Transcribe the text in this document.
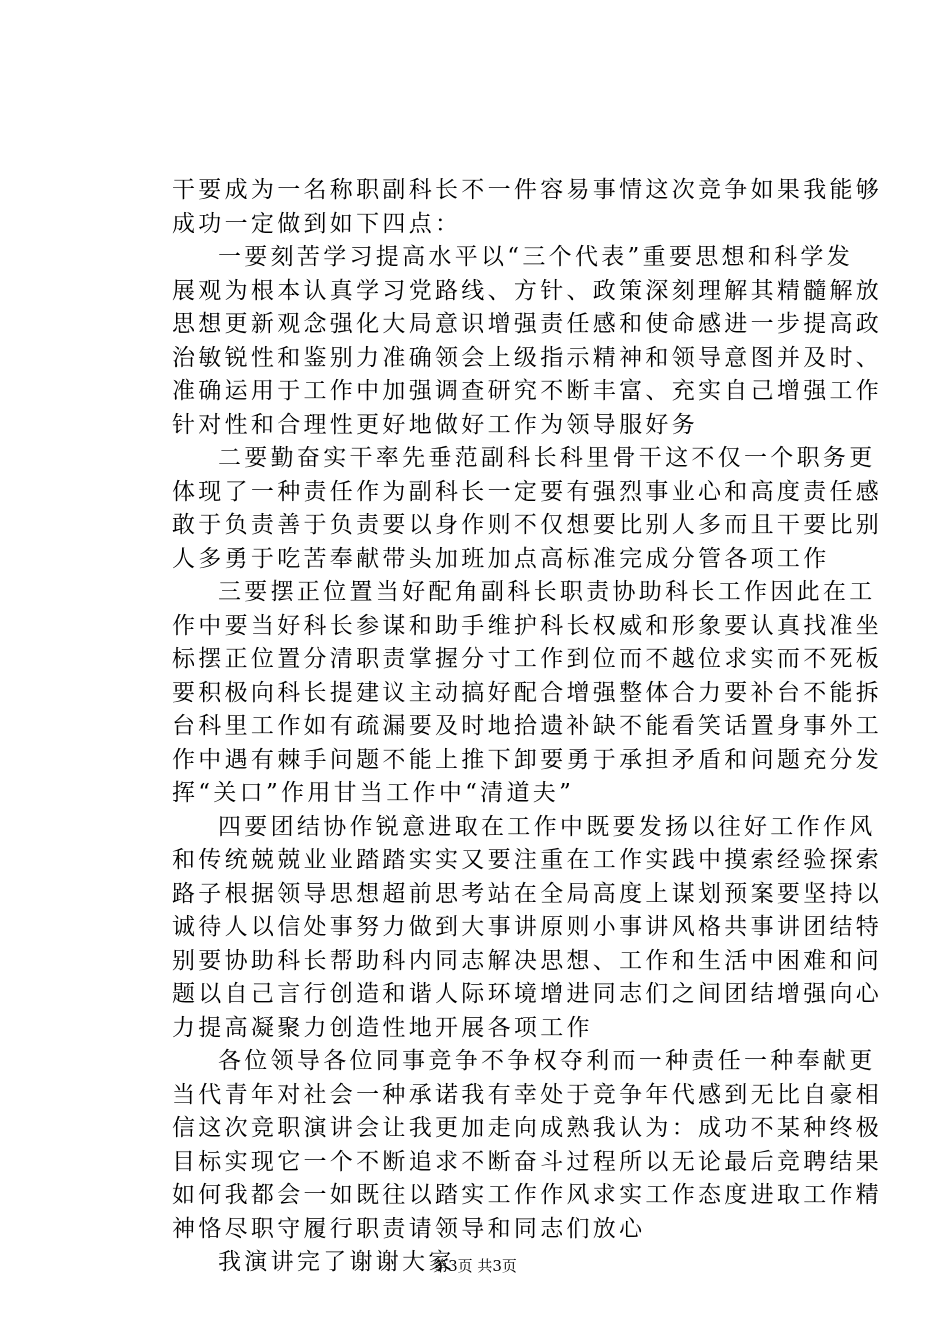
干要成为一名称职副科长不一件容易事情这次竞争如果我能够
成功一定做到如下四点：
一要刻苦学习提高水平以“三个代表”重要思想和科学发
展观为根本认真学习党路线、方针、政策深刻理解其精髓解放
思想更新观念强化大局意识增强责任感和使命感进一步提高政
治敏锐性和鉴别力准确领会上级指示精神和领导意图并及时、
准确运用于工作中加强调查研究不断丰富、充实自己增强工作
针对性和合理性更好地做好工作为领导服好务
二要勤奋实干率先垂范副科长科里骨干这不仅一个职务更
体现了一种责任作为副科长一定要有强烈事业心和高度责任感
敢于负责善于负责要以身作则不仅想要比别人多而且干要比别
人多勇于吃苦奉献带头加班加点高标准完成分管各项工作
三要摆正位置当好配角副科长职责协助科长工作因此在工
作中要当好科长参谋和助手维护科长权威和形象要认真找准坐
标摆正位置分清职责掌握分寸工作到位而不越位求实而不死板
要积极向科长提建议主动搞好配合增强整体合力要补台不能拆
台科里工作如有疏漏要及时地拾遗补缺不能看笑话置身事外工
作中遇有棘手问题不能上推下卸要勇于承担矛盾和问题充分发
挥“关口”作用甘当工作中“清道夫”
四要团结协作锐意进取在工作中既要发扬以往好工作作风
和传统兢兢业业踏踏实实又要注重在工作实践中摸索经验探索
路子根据领导思想超前思考站在全局高度上谋划预案要坚持以
诚待人以信处事努力做到大事讲原则小事讲风格共事讲团结特
别要协助科长帮助科内同志解决思想、工作和生活中困难和问
题以自己言行创造和谐人际环境增进同志们之间团结增强向心
力提高凝聚力创造性地开展各项工作
各位领导各位同事竞争不争权夺利而一种责任一种奉献更
当代青年对社会一种承诺我有幸处于竞争年代感到无比自豪相
信这次竞职演讲会让我更加走向成熟我认为：成功不某种终极
目标实现它一个不断追求不断奋斗过程所以无论最后竞聘结果
如何我都会一如既往以踏实工作作风求实工作态度进取工作精
神恪尽职守履行职责请领导和同志们放心
我演讲完了谢谢大家
第3页 共3页
